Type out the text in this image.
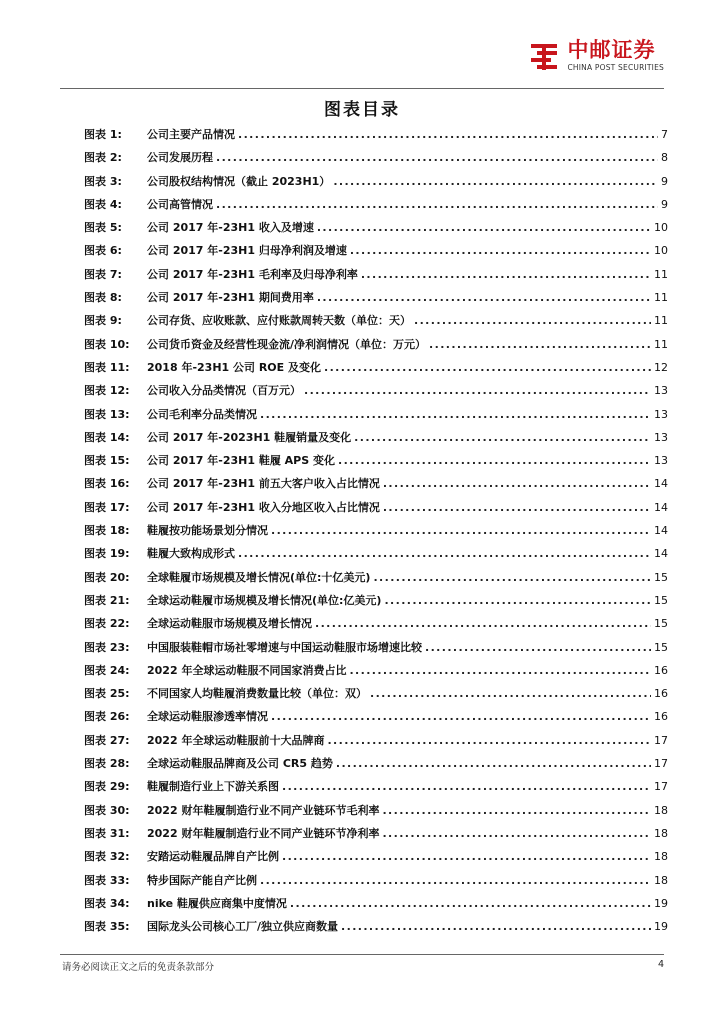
中邮证券
CHINA POST SECURITIES
图表目录
图表 1:	公司主要产品情况 .....	7
图表 2:	公司发展历程 .....	8
图表 3:	公司股权结构情况（截止 2023H1） .....	9
图表 4:	公司高管情况 .....	9
图表 5:	公司 2017 年-23H1 收入及增速 .....	10
图表 6:	公司 2017 年-23H1 归母净利润及增速 .....	10
图表 7:	公司 2017 年-23H1 毛利率及归母净利率 .....	11
图表 8:	公司 2017 年-23H1 期间费用率 .....	11
图表 9:	公司存货、应收账款、应付账款周转天数（单位：天） .....	11
图表 10:	公司货币资金及经营性现金流/净利润情况（单位：万元） .....	11
图表 11:	2018 年-23H1 公司 ROE 及变化 .....	12
图表 12:	公司收入分品类情况（百万元） .....	13
图表 13:	公司毛利率分品类情况 .....	13
图表 14:	公司 2017 年-2023H1 鞋履销量及变化 .....	13
图表 15:	公司 2017 年-23H1 鞋履 APS 变化 .....	13
图表 16:	公司 2017 年-23H1 前五大客户收入占比情况 .....	14
图表 17:	公司 2017 年-23H1 收入分地区收入占比情况 .....	14
图表 18:	鞋履按功能场景划分情况 .....	14
图表 19:	鞋履大致构成形式 .....	14
图表 20:	全球鞋履市场规模及增长情况(单位:十亿美元) .....	15
图表 21:	全球运动鞋履市场规模及增长情况(单位:亿美元) .....	15
图表 22:	全球运动鞋服市场规模及增长情况 .....	15
图表 23:	中国服装鞋帽市场社零增速与中国运动鞋服市场增速比较 .....	15
图表 24:	2022 年全球运动鞋服不同国家消费占比 .....	16
图表 25:	不同国家人均鞋履消费数量比较（单位：双） .....	16
图表 26:	全球运动鞋服渗透率情况 .....	16
图表 27:	2022 年全球运动鞋服前十大品牌商 .....	17
图表 28:	全球运动鞋服品牌商及公司 CR5 趋势 .....	17
图表 29:	鞋履制造行业上下游关系图 .....	17
图表 30:	2022 财年鞋履制造行业不同产业链环节毛利率 .....	18
图表 31:	2022 财年鞋履制造行业不同产业链环节净利率 .....	18
图表 32:	安踏运动鞋履品牌自产比例 .....	18
图表 33:	特步国际产能自产比例 .....	18
图表 34:	nike 鞋履供应商集中度情况 .....	19
图表 35:	国际龙头公司核心工厂/独立供应商数量 .....	19
请务必阅读正文之后的免责条款部分	4
